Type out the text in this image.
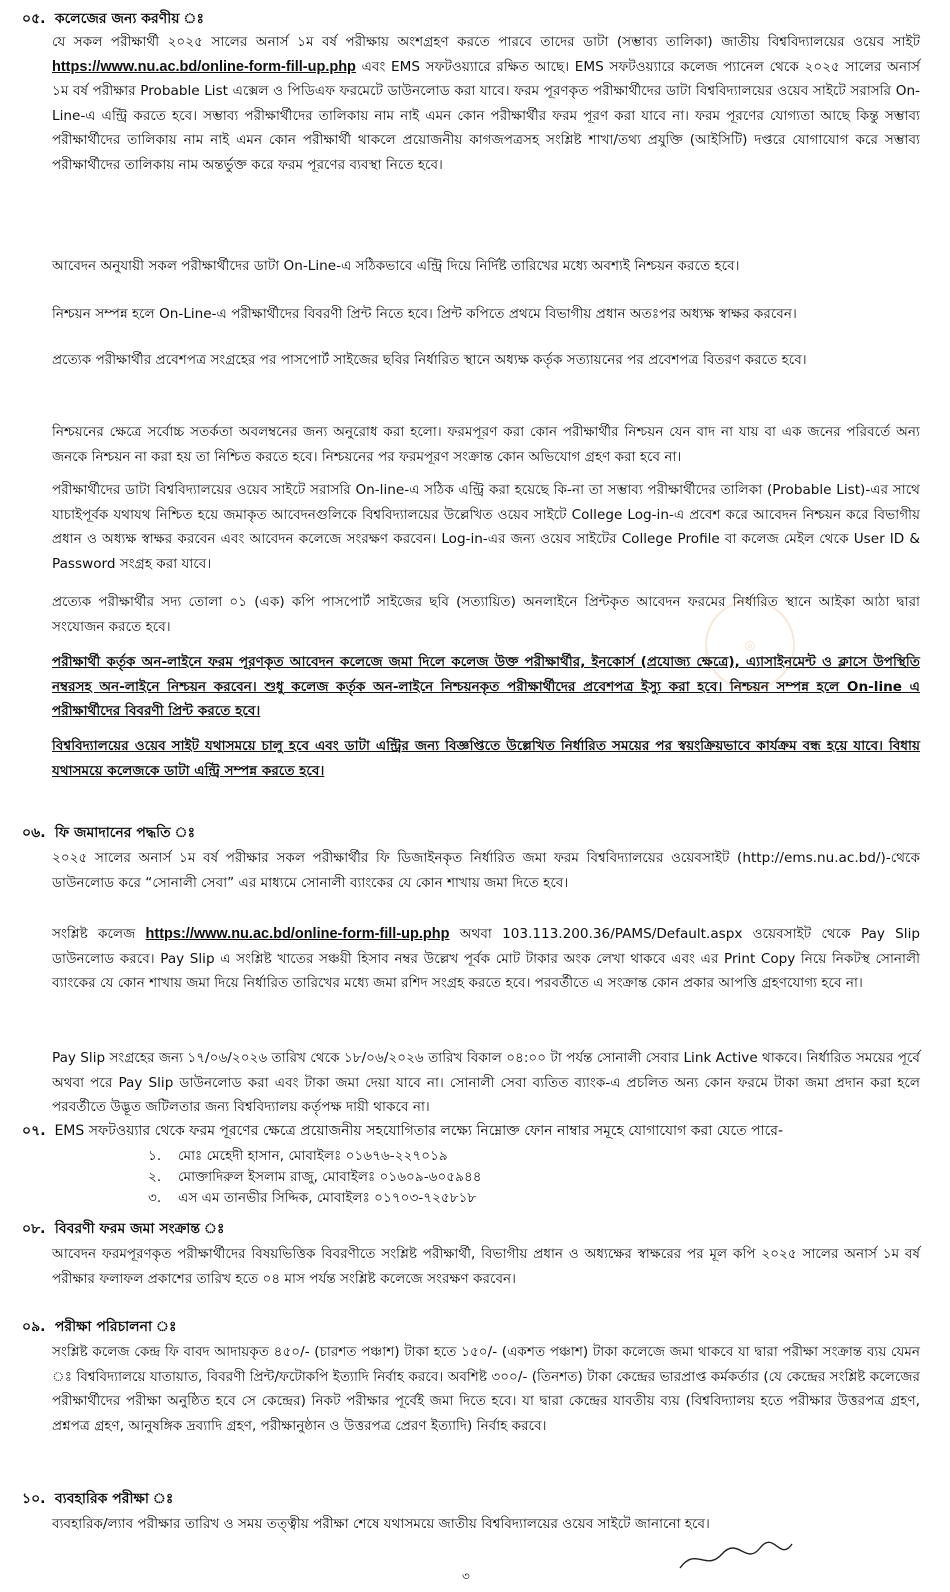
০৫. কলেজের জন্য করণীয় ঃ

যে সকল পরীক্ষার্থী ২০২৫ সালের অনার্স ১ম বর্ষ পরীক্ষায় অংশগ্রহণ করতে পারবে তাদের ডাটা (সম্ভাব্য তালিকা) জাতীয় বিশ্ববিদ্যালয়ের ওয়েব সাইট https://www.nu.ac.bd/online-form-fill-up.php এবং EMS সফটওয়্যারে রক্ষিত আছে। EMS সফটওয়্যারে কলেজ প্যানেল থেকে ২০২৫ সালের অনার্স ১ম বর্ষ পরীক্ষার Probable List এক্সেল ও পিডিএফ ফরমেটে ডাউনলোড করা যাবে। ফরম পূরণকৃত পরীক্ষার্থীদের ডাটা বিশ্ববিদ্যালয়ের ওয়েব সাইটে সরাসরি On-Line-এ এন্ট্রি করতে হবে। সম্ভাব্য পরীক্ষার্থীদের তালিকায় নাম নাই এমন কোন পরীক্ষার্থীর ফরম পূরণ করা যাবে না। ফরম পূরণের যোগ্যতা আছে কিন্তু সম্ভাব্য পরীক্ষার্থীদের তালিকায় নাম নাই এমন কোন পরীক্ষার্থী থাকলে প্রয়োজনীয় কাগজপত্রসহ সংশ্লিষ্ট শাখা/তথ্য প্রযুক্তি (আইসিটি) দপ্তরে যোগাযোগ করে সম্ভাব্য পরীক্ষার্থীদের তালিকায় নাম অন্তর্ভুক্ত করে ফরম পূরণের ব্যবস্থা নিতে হবে।

আবেদন অনুযায়ী সকল পরীক্ষার্থীদের ডাটা On-Line-এ সঠিকভাবে এন্ট্রি দিয়ে নির্দিষ্ট তারিখের মধ্যে অবশ্যই নিশ্চয়ন করতে হবে।
নিশ্চয়ন সম্পন্ন হলে On-Line-এ পরীক্ষার্থীদের বিবরণী প্রিন্ট নিতে হবে। প্রিন্ট কপিতে প্রথমে বিভাগীয় প্রধান অতঃপর অধ্যক্ষ স্বাক্ষর করবেন।
প্রত্যেক পরীক্ষার্থীর প্রবেশপত্র সংগ্রহের পর পাসপোর্ট সাইজের ছবির নির্ধারিত স্থানে অধ্যক্ষ কর্তৃক সত্যায়নের পর প্রবেশপত্র বিতরণ করতে হবে।
নিশ্চয়নের ক্ষেত্রে সর্বোচ্চ সতর্কতা অবলম্বনের জন্য অনুরোধ করা হলো। ফরমপূরণ করা কোন পরীক্ষার্থীর নিশ্চয়ন যেন বাদ না যায় বা এক জনের পরিবর্তে অন্য জনকে নিশ্চয়ন না করা হয় তা নিশ্চিত করতে হবে। নিশ্চয়নের পর ফরমপূরণ সংক্রান্ত কোন অভিযোগ গ্রহণ করা হবে না।
পরীক্ষার্থীদের ডাটা বিশ্ববিদ্যালয়ের ওয়েব সাইটে সরাসরি On-line-এ সঠিক এন্ট্রি করা হয়েছে কি-না তা সম্ভাব্য পরীক্ষার্থীদের তালিকা (Probable List)-এর সাথে যাচাইপূর্বক যথাযথ নিশ্চিত হয়ে জমাকৃত আবেদনগুলিকে বিশ্ববিদ্যালয়ের উল্লেখিত ওয়েব সাইটে College Log-in-এ প্রবেশ করে আবেদন নিশ্চয়ন করে বিভাগীয় প্রধান ও অধ্যক্ষ স্বাক্ষর করবেন এবং আবেদন কলেজে সংরক্ষণ করবেন। Log-in-এর জন্য ওয়েব সাইটের College Profile বা কলেজ মেইল থেকে User ID & Password সংগ্রহ করা যাবে।
প্রত্যেক পরীক্ষার্থীর সদ্য তোলা ০১ (এক) কপি পাসপোর্ট সাইজের ছবি (সত্যায়িত) অনলাইনে প্রিন্টকৃত আবেদন ফরমের নির্ধারিত স্থানে আইকা আঠা দ্বারা সংযোজন করতে হবে।
পরীক্ষার্থী কর্তৃক অন-লাইনে ফরম পূরণকৃত আবেদন কলেজে জমা দিলে কলেজ উক্ত পরীক্ষার্থীর, ইনকোর্স (প্রযোজ্য ক্ষেত্রে), এ্যাসাইনমেন্ট ও ক্লাসে উপস্থিতি নম্বরসহ অন-লাইনে নিশ্চয়ন করবেন। শুধু কলেজ কর্তৃক অন-লাইনে নিশ্চয়নকৃত পরীক্ষার্থীদের প্রবেশপত্র ইস্যু করা হবে। নিশ্চয়ন সম্পন্ন হলে On-line এ পরীক্ষার্থীদের বিবরণী প্রিন্ট করতে হবে।
বিশ্ববিদ্যালয়ের ওয়েব সাইট যথাসময়ে চালু হবে এবং ডাটা এন্ট্রির জন্য বিজ্ঞপ্তিতে উল্লেখিত নির্ধারিত সময়ের পর স্বয়ংক্রিয়ভাবে কার্যক্রম বন্ধ হয়ে যাবে। বিধায় যথাসময়ে কলেজকে ডাটা এন্ট্রি সম্পন্ন করতে হবে।
◎
০৬. ফি জমাদানের পদ্ধতি ঃ
২০২৫ সালের অনার্স ১ম বর্ষ পরীক্ষার সকল পরীক্ষার্থীর ফি ডিজাইনকৃত নির্ধারিত জমা ফরম বিশ্ববিদ্যালয়ের ওয়েবসাইট (http://ems.nu.ac.bd/)-থেকে ডাউনলোড করে “সোনালী সেবা” এর মাধ্যমে সোনালী ব্যাংকের যে কোন শাখায় জমা দিতে হবে।
সংশ্লিষ্ট কলেজ https://www.nu.ac.bd/online-form-fill-up.php অথবা 103.113.200.36/PAMS/Default.aspx ওয়েবসাইট থেকে Pay Slip ডাউনলোড করবে। Pay Slip এ সংশ্লিষ্ট খাতের সঞ্চয়ী হিসাব নম্বর উল্লেখ পূর্বক মোট টাকার অংক লেখা থাকবে এবং এর Print Copy নিয়ে নিকটস্থ সোনালী ব্যাংকের যে কোন শাখায় জমা দিয়ে নির্ধারিত তারিখের মধ্যে জমা রশিদ সংগ্রহ করতে হবে। পরবর্তীতে এ সংক্রান্ত কোন প্রকার আপত্তি গ্রহণযোগ্য হবে না।
Pay Slip সংগ্রহের জন্য ১৭/০৬/২০২৬ তারিখ থেকে ১৮/০৬/২০২৬ তারিখ বিকাল ০৪:০০ টা পর্যন্ত সোনালী সেবার Link Active থাকবে। নির্ধারিত সময়ের পূর্বে অথবা পরে Pay Slip ডাউনলোড করা এবং টাকা জমা দেয়া যাবে না। সোনালী সেবা ব্যতিত ব্যাংক-এ প্রচলিত অন্য কোন ফরমে টাকা জমা প্রদান করা হলে পরবর্তীতে উদ্ভূত জটিলতার জন্য বিশ্ববিদ্যালয় কর্তৃপক্ষ দায়ী থাকবে না।
০৭. EMS সফটওয়্যার থেকে ফরম পূরণের ক্ষেত্রে প্রয়োজনীয় সহযোগিতার লক্ষ্যে নিম্নোক্ত ফোন নাম্বার সমূহে যোগাযোগ করা যেতে পারে-
১. মোঃ মেহেদী হাসান, মোবাইলঃ ০১৬৭৬-২২৭০১৯
২. মোক্তাদিরুল ইসলাম রাজু, মোবাইলঃ ০১৬০৯-৬০৫৯৪৪
৩. এস এম তানভীর সিদ্দিক, মোবাইলঃ ০১৭০৩-৭২৫৮১৮
০৮. বিবরণী ফরম জমা সংক্রান্ত ঃ
আবেদন ফরমপূরণকৃত পরীক্ষার্থীদের বিষয়ভিত্তিক বিবরণীতে সংশ্লিষ্ট পরীক্ষার্থী, বিভাগীয় প্রধান ও অধ্যক্ষের স্বাক্ষরের পর মূল কপি ২০২৫ সালের অনার্স ১ম বর্ষ পরীক্ষার ফলাফল প্রকাশের তারিখ হতে ০৪ মাস পর্যন্ত সংশ্লিষ্ট কলেজে সংরক্ষণ করবেন।
০৯. পরীক্ষা পরিচালনা ঃ
সংশ্লিষ্ট কলেজ কেন্দ্র ফি বাবদ আদায়কৃত ৪৫০/- (চারশত পঞ্চাশ) টাকা হতে ১৫০/- (একশত পঞ্চাশ) টাকা কলেজে জমা থাকবে যা দ্বারা পরীক্ষা সংক্রান্ত ব্যয় যেমন ঃ বিশ্ববিদ্যালয়ে যাতায়াত, বিবরণী প্রিন্ট/ফটোকপি ইত্যাদি নির্বাহ করবে। অবশিষ্ট ৩০০/- (তিনশত) টাকা কেন্দ্রের ভারপ্রাপ্ত কর্মকর্তার (যে কেন্দ্রের সংশ্লিষ্ট কলেজের পরীক্ষার্থীদের পরীক্ষা অনুষ্ঠিত হবে সে কেন্দ্রের) নিকট পরীক্ষার পূর্বেই জমা দিতে হবে। যা দ্বারা কেন্দ্রের যাবতীয় ব্যয় (বিশ্ববিদ্যালয় হতে পরীক্ষার উত্তরপত্র গ্রহণ, প্রশ্নপত্র গ্রহণ, আনুষঙ্গিক দ্রব্যাদি গ্রহণ, পরীক্ষানুষ্ঠান ও উত্তরপত্র প্রেরণ ইত্যাদি) নির্বাহ করবে।
১০. ব্যবহারিক পরীক্ষা ঃ
ব্যবহারিক/ল্যাব পরীক্ষার তারিখ ও সময় তত্ত্বীয় পরীক্ষা শেষে যথাসময়ে জাতীয় বিশ্ববিদ্যালয়ের ওয়েব সাইটে জানানো হবে।
৩
